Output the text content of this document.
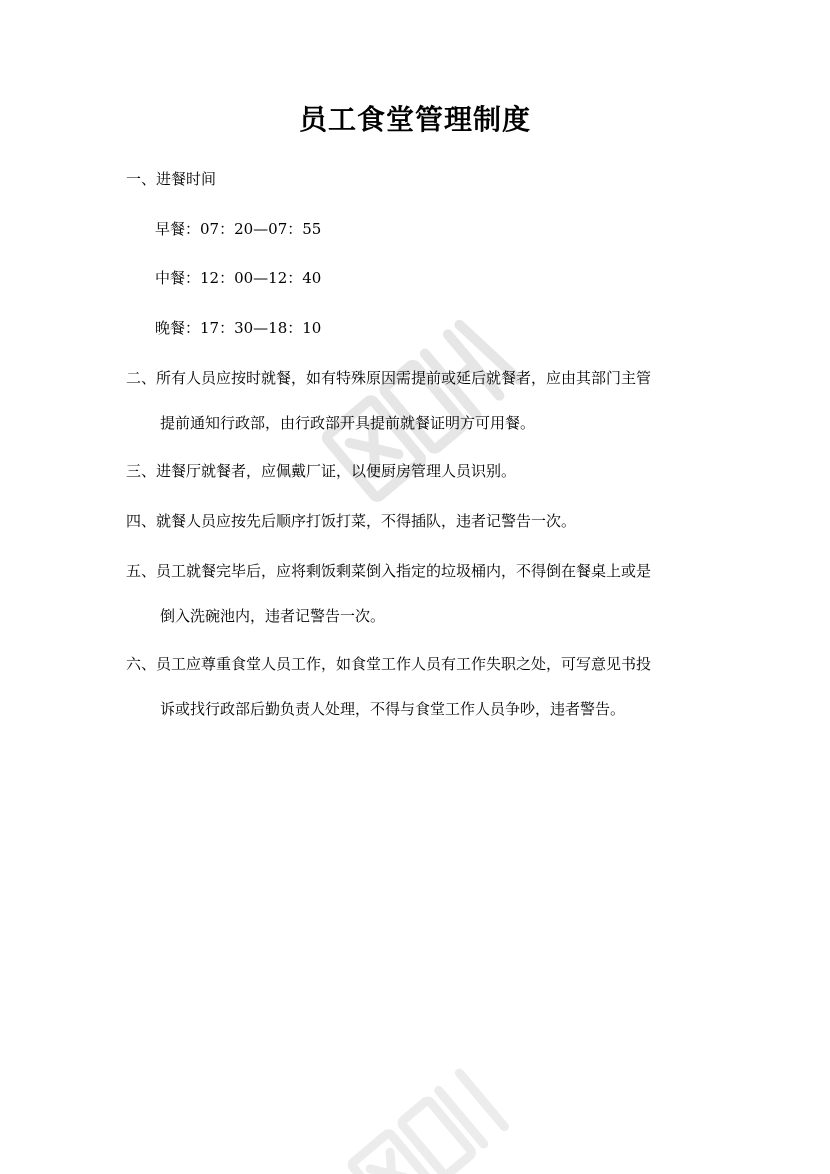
员工食堂管理制度
一、进餐时间
早餐：07：20—07：55
中餐：12：00—12：40
晚餐：17：30—18：10
二、所有人员应按时就餐，如有特殊原因需提前或延后就餐者，应由其部门主管
提前通知行政部，由行政部开具提前就餐证明方可用餐。
三、进餐厅就餐者，应佩戴厂证，以便厨房管理人员识别。
四、就餐人员应按先后顺序打饭打菜，不得插队，违者记警告一次。
五、员工就餐完毕后，应将剩饭剩菜倒入指定的垃圾桶内，不得倒在餐桌上或是
倒入洗碗池内，违者记警告一次。
六、员工应尊重食堂人员工作，如食堂工作人员有工作失职之处，可写意见书投
诉或找行政部后勤负责人处理，不得与食堂工作人员争吵，违者警告。
